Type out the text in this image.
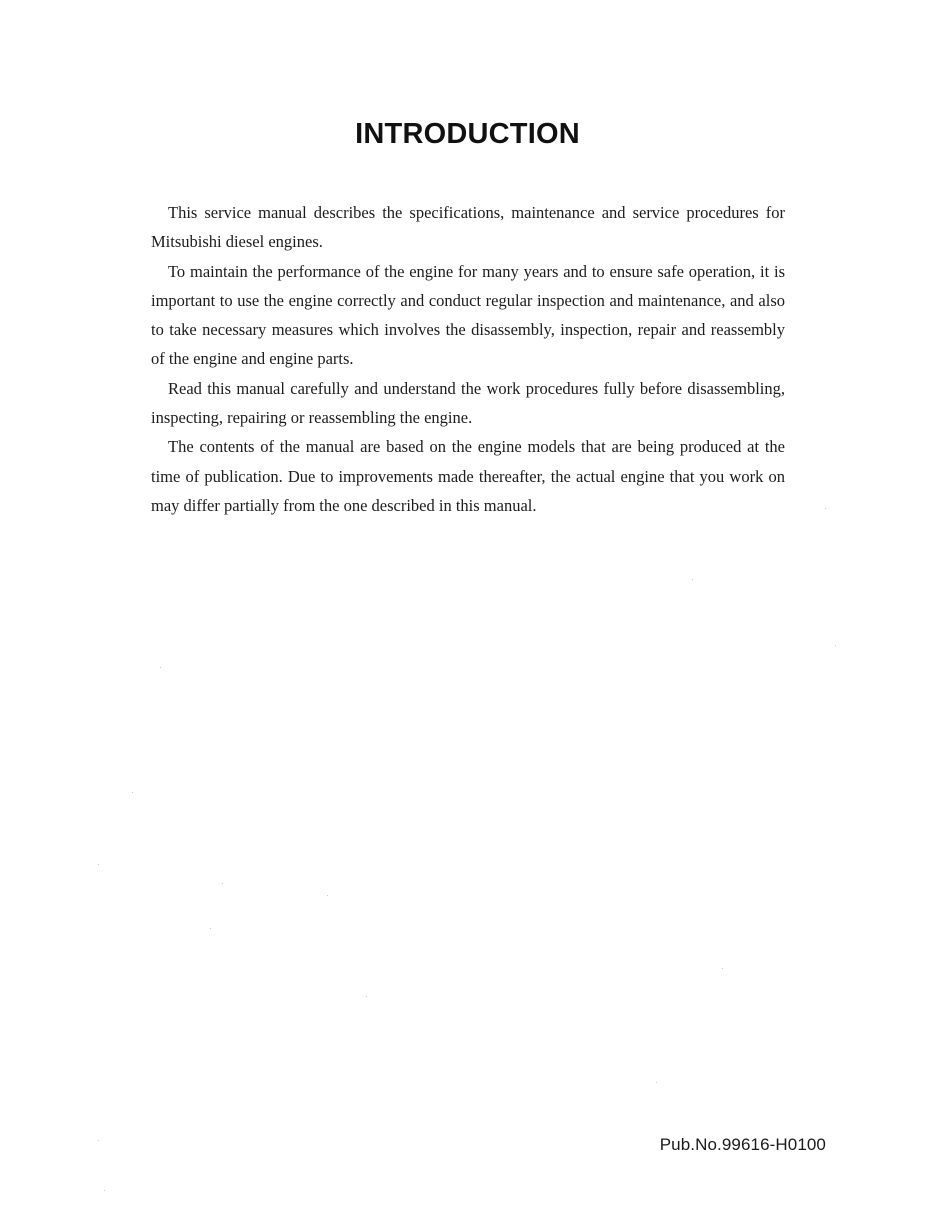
INTRODUCTION

This service manual describes the specifications, maintenance and service procedures for Mitsubishi diesel engines.

To maintain the performance of the engine for many years and to ensure safe operation, it is important to use the engine correctly and conduct regular inspection and maintenance, and also to take necessary measures which involves the disassembly, inspection, repair and reassembly of the engine and engine parts.

Read this manual carefully and understand the work procedures fully before disassembling, inspecting, repairing or reassembling the engine.

The contents of the manual are based on the engine models that are being produced at the time of publication. Due to improvements made thereafter, the actual engine that you work on may differ partially from the one described in this manual.

Pub.No.99616-H0100
